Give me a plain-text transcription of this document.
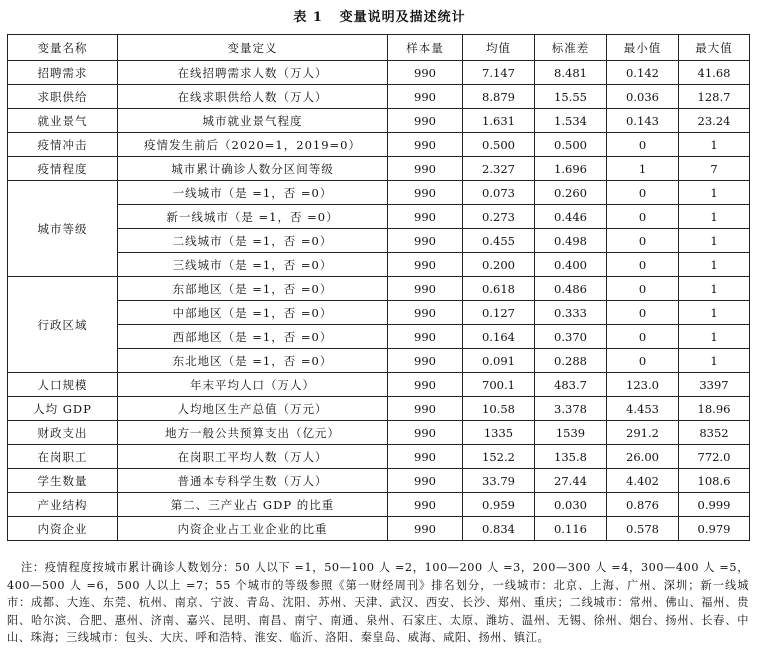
表 1 变量说明及描述统计
变量名称	变量定义	样本量	均值	标准差	最小值	最大值
招聘需求	在线招聘需求人数（万人）	990	7.147	8.481	0.142	41.68
求职供给	在线求职供给人数（万人）	990	8.879	15.55	0.036	128.7
就业景气	城市就业景气程度	990	1.631	1.534	0.143	23.24
疫情冲击	疫情发生前后（2020=1，2019=0）	990	0.500	0.500	0	1
疫情程度	城市累计确诊人数分区间等级	990	2.327	1.696	1	7
城市等级	一线城市（是 =1，否 =0）	990	0.073	0.260	0	1
	新一线城市（是 =1，否 =0）	990	0.273	0.446	0	1
	二线城市（是 =1，否 =0）	990	0.455	0.498	0	1
	三线城市（是 =1，否 =0）	990	0.200	0.400	0	1
行政区域	东部地区（是 =1，否 =0）	990	0.618	0.486	0	1
	中部地区（是 =1，否 =0）	990	0.127	0.333	0	1
	西部地区（是 =1，否 =0）	990	0.164	0.370	0	1
	东北地区（是 =1，否 =0）	990	0.091	0.288	0	1
人口规模	年末平均人口（万人）	990	700.1	483.7	123.0	3397
人均 GDP	人均地区生产总值（万元）	990	10.58	3.378	4.453	18.96
财政支出	地方一般公共预算支出（亿元）	990	1335	1539	291.2	8352
在岗职工	在岗职工平均人数（万人）	990	152.2	135.8	26.00	772.0
学生数量	普通本专科学生数（万人）	990	33.79	27.44	4.402	108.6
产业结构	第二、三产业占 GDP 的比重	990	0.959	0.030	0.876	0.999
内资企业	内资企业占工业企业的比重	990	0.834	0.116	0.578	0.979
注：疫情程度按城市累计确诊人数划分：50 人以下 =1，50—100 人 =2，100—200 人 =3，200—300 人 =4，300—400 人 =5，400—500 人 =6，500 人以上 =7；55 个城市的等级参照《第一财经周刊》排名划分，一线城市：北京、上海、广州、深圳；新一线城市：成都、大连、东莞、杭州、南京、宁波、青岛、沈阳、苏州、天津、武汉、西安、长沙、郑州、重庆；二线城市：常州、佛山、福州、贵阳、哈尔滨、合肥、惠州、济南、嘉兴、昆明、南昌、南宁、南通、泉州、石家庄、太原、潍坊、温州、无锡、徐州、烟台、扬州、长春、中山、珠海；三线城市：包头、大庆、呼和浩特、淮安、临沂、洛阳、秦皇岛、威海、咸阳、扬州、镇江。
